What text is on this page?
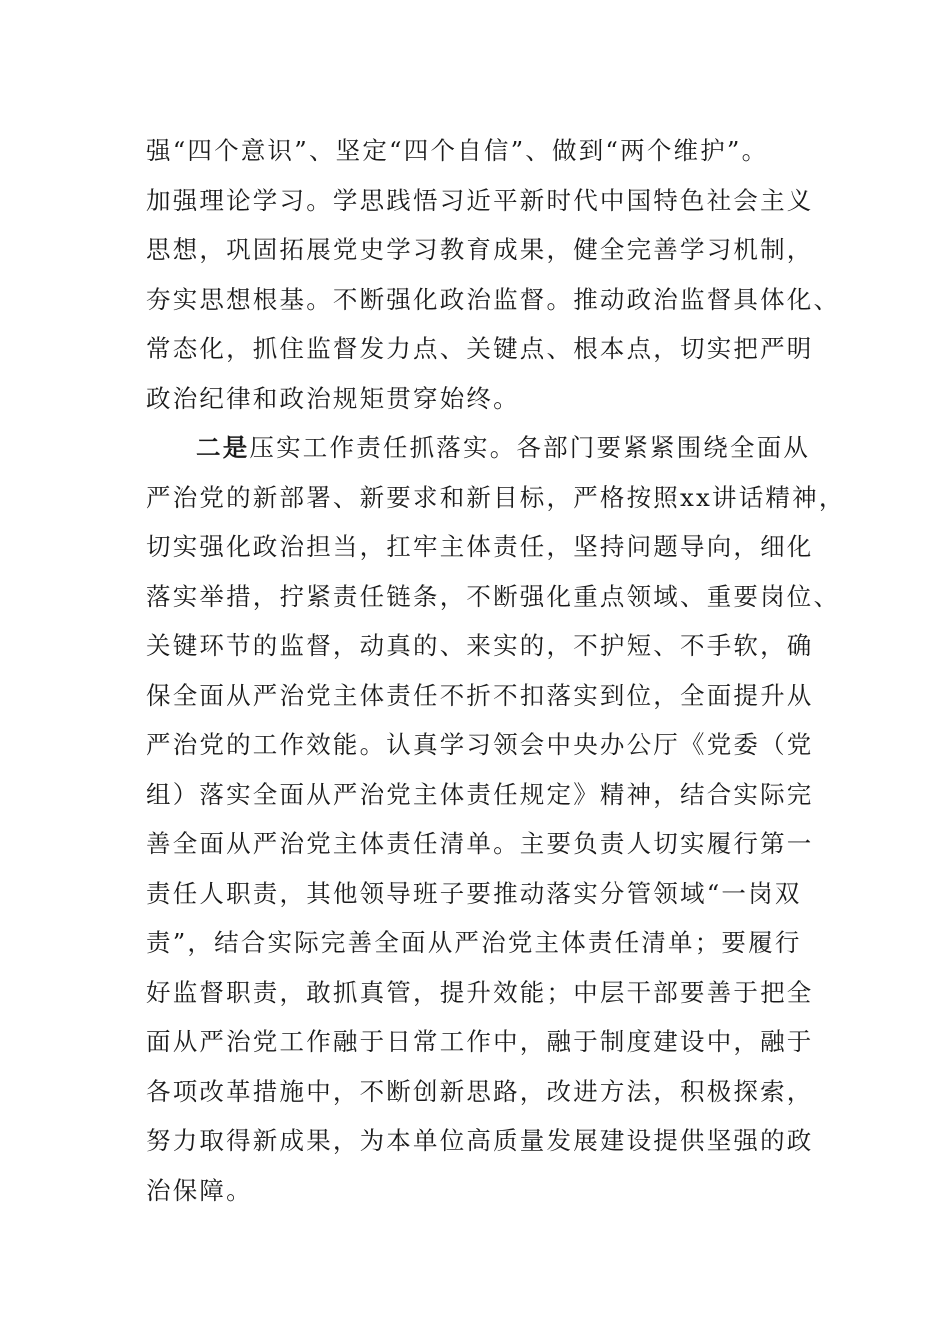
强“四个意识”、坚定“四个自信”、做到“两个维护”。
加强理论学习。学思践悟习近平新时代中国特色社会主义
思想，巩固拓展党史学习教育成果，健全完善学习机制，
夯实思想根基。不断强化政治监督。推动政治监督具体化、
常态化，抓住监督发力点、关键点、根本点，切实把严明
政治纪律和政治规矩贯穿始终。
二是压实工作责任抓落实。各部门要紧紧围绕全面从
严治党的新部署、新要求和新目标，严格按照xx讲话精神，
切实强化政治担当，扛牢主体责任，坚持问题导向，细化
落实举措，拧紧责任链条，不断强化重点领域、重要岗位、
关键环节的监督，动真的、来实的，不护短、不手软，确
保全面从严治党主体责任不折不扣落实到位，全面提升从
严治党的工作效能。认真学习领会中央办公厅《党委（党
组）落实全面从严治党主体责任规定》精神，结合实际完
善全面从严治党主体责任清单。主要负责人切实履行第一
责任人职责，其他领导班子要推动落实分管领域“一岗双
责”，结合实际完善全面从严治党主体责任清单；要履行
好监督职责，敢抓真管，提升效能；中层干部要善于把全
面从严治党工作融于日常工作中，融于制度建设中，融于
各项改革措施中，不断创新思路，改进方法，积极探索，
努力取得新成果，为本单位高质量发展建设提供坚强的政
治保障。
